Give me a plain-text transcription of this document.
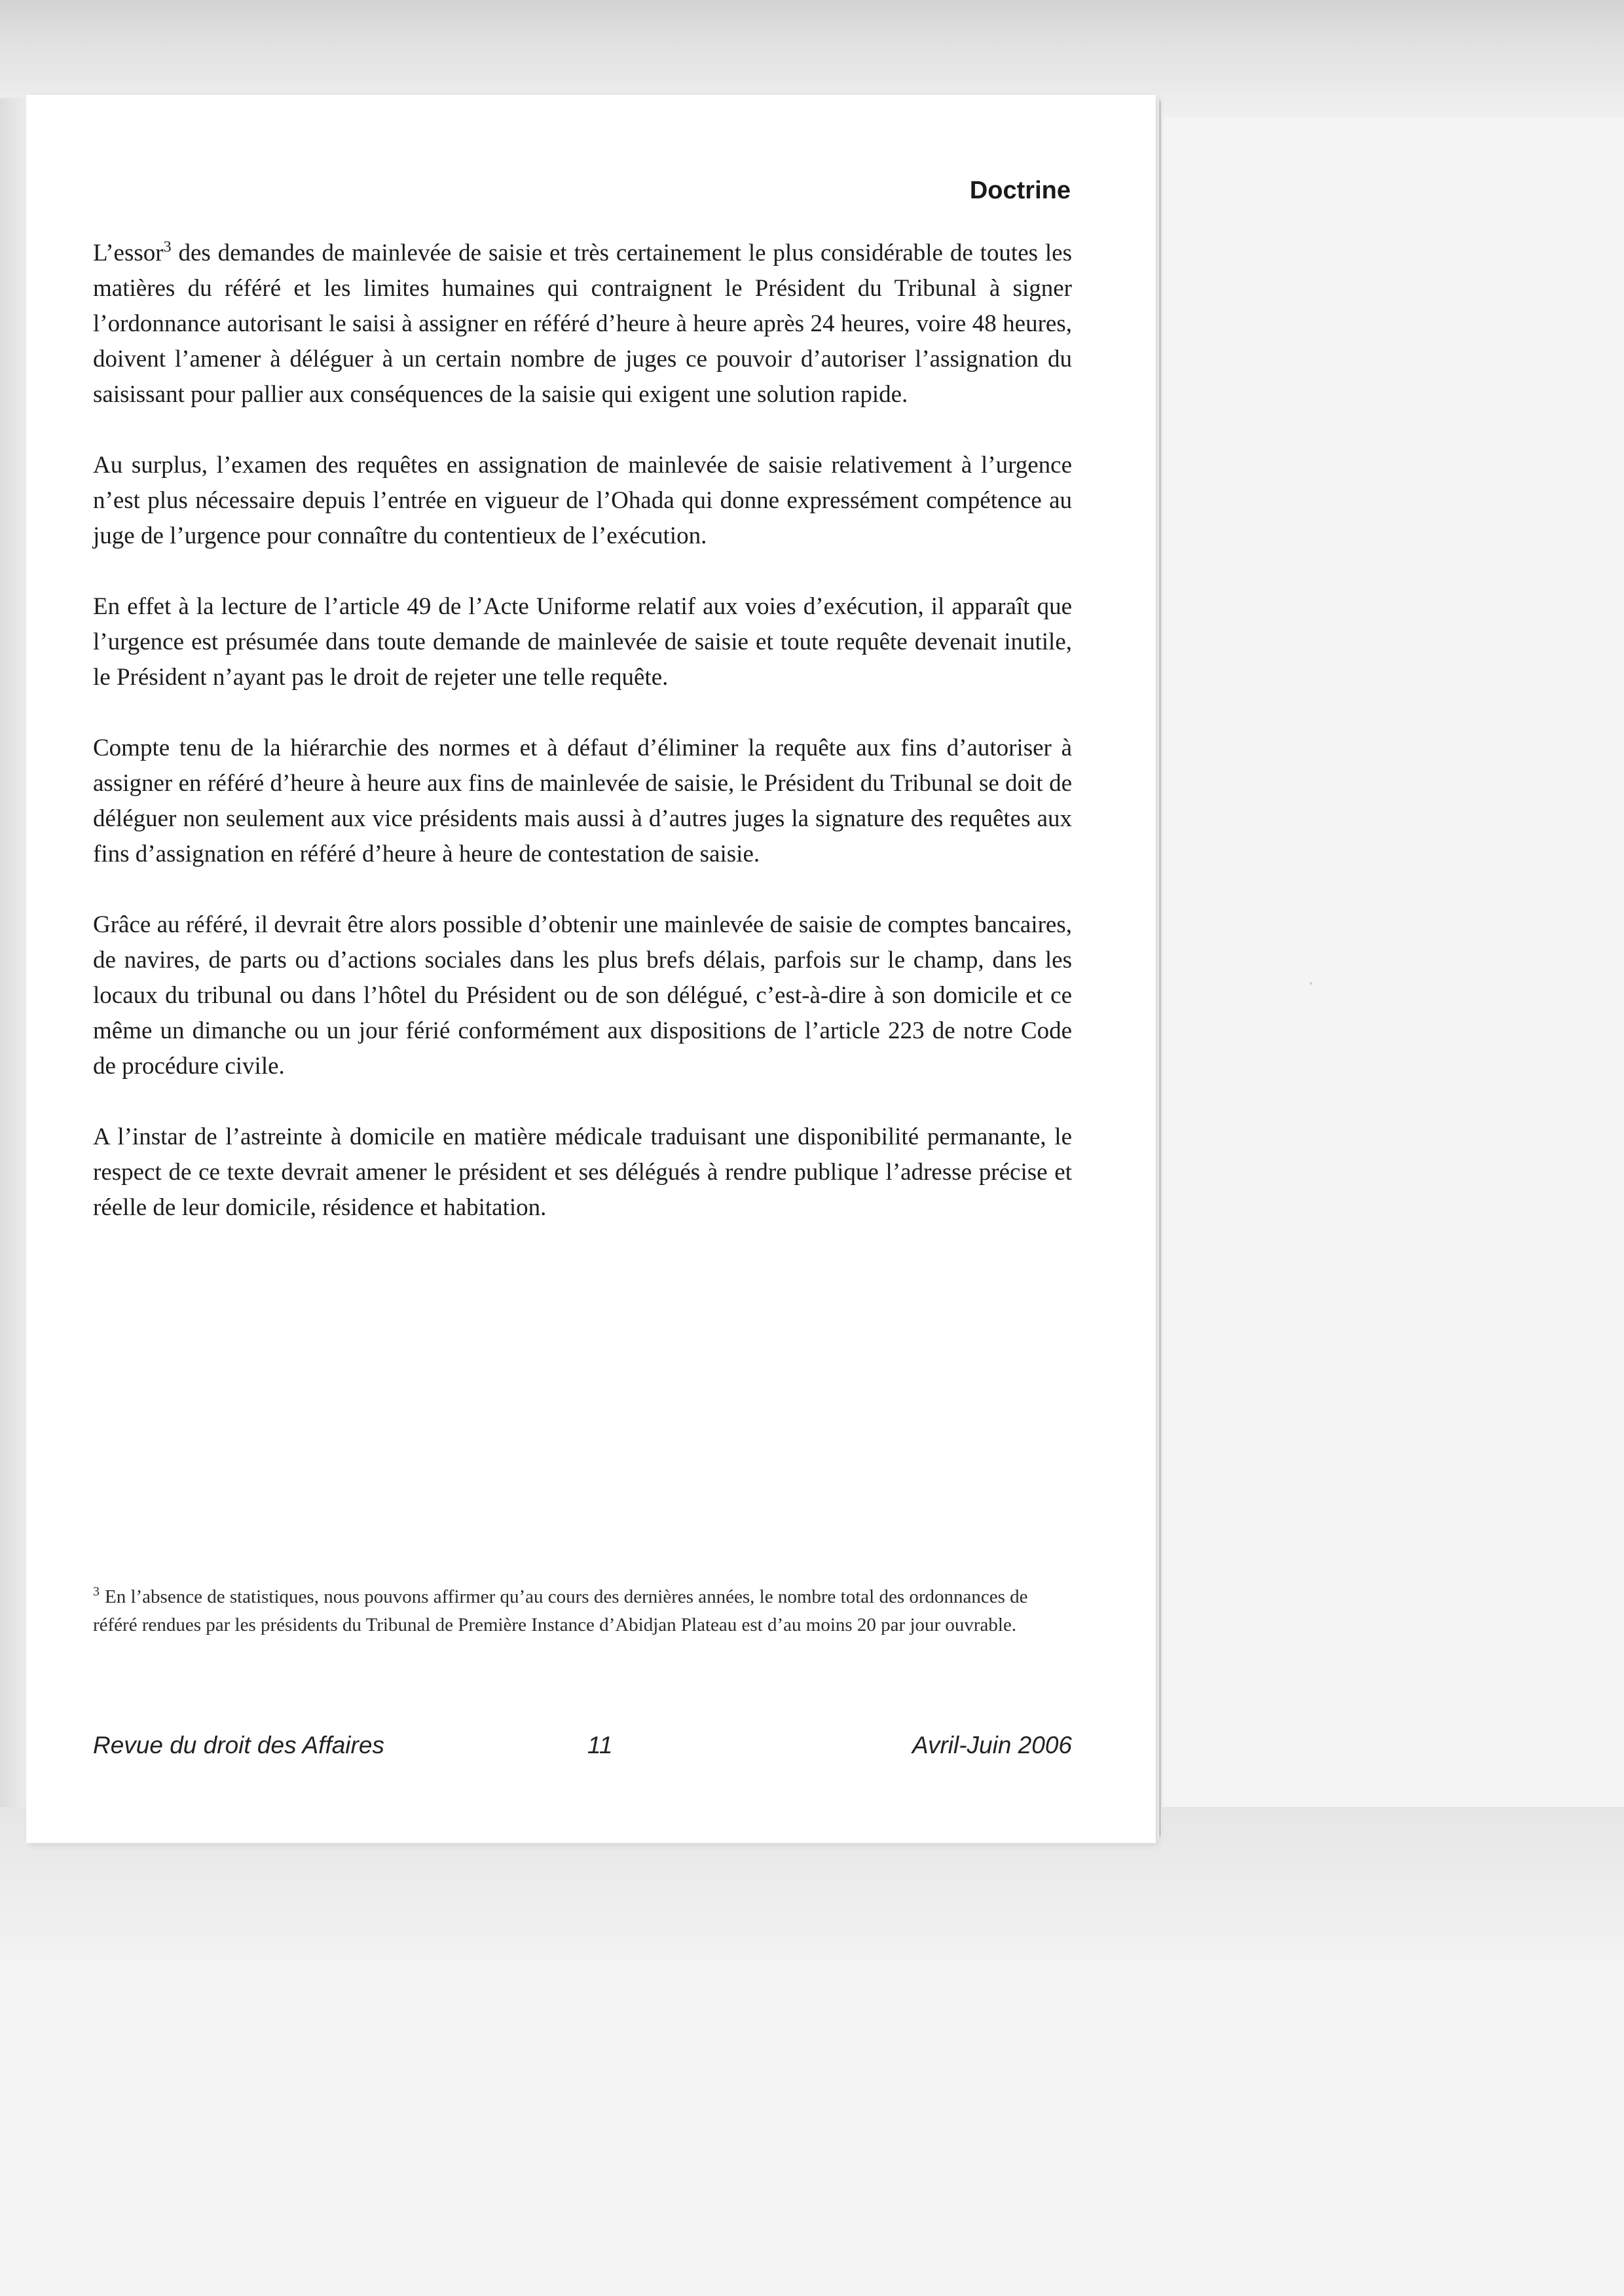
Doctrine

L’essor$^3$ des demandes de mainlevée de saisie et très certainement le plus considérable de toutes les matières du référé et les limites humaines qui contraignent le Président du Tribunal à signer l’ordonnance autorisant le saisi à assigner en référé d’heure à heure après 24 heures, voire 48 heures, doivent l’amener à déléguer à un certain nombre de juges ce pouvoir d’autoriser l’assignation du saisissant pour pallier aux conséquences de la saisie qui exigent une solution rapide.

Au surplus, l’examen des requêtes en assignation de mainlevée de saisie relativement à l’urgence n’est plus nécessaire depuis l’entrée en vigueur de l’Ohada qui donne expressément compétence au juge de l’urgence pour connaître du contentieux de l’exécution.

En effet à la lecture de l’article 49 de l’Acte Uniforme relatif aux voies d’exécution, il apparaît que l’urgence est présumée dans toute demande de mainlevée de saisie et toute requête devenait inutile, le Président n’ayant pas le droit de rejeter une telle requête.

Compte tenu de la hiérarchie des normes et à défaut d’éliminer la requête aux fins d’autoriser à assigner en référé d’heure à heure aux fins de mainlevée de saisie, le Président du Tribunal se doit de déléguer non seulement aux vice présidents mais aussi à d’autres juges la signature des requêtes aux fins d’assignation en référé d’heure à heure de contestation de saisie.

Grâce au référé, il devrait être alors possible d’obtenir une mainlevée de saisie de comptes bancaires, de navires, de parts ou d’actions sociales dans les plus brefs délais, parfois sur le champ, dans les locaux du tribunal ou dans l’hôtel du Président ou de son délégué, c’est-à-dire à son domicile et ce même un dimanche ou un jour férié conformément aux dispositions de l’article 223 de notre Code de procédure civile.

A l’instar de l’astreinte à domicile en matière médicale traduisant une disponibilité permanante, le respect de ce texte devrait amener le président et ses délégués à rendre publique l’adresse précise et réelle de leur domicile, résidence et habitation.

$^3$ En l’absence de statistiques, nous pouvons affirmer qu’au cours des dernières années, le nombre total des ordonnances de référé rendues par les présidents du Tribunal de Première Instance d’Abidjan Plateau est d’au moins 20 par jour ouvrable.
Revue du droit des Affaires	11	Avril-Juin 2006
